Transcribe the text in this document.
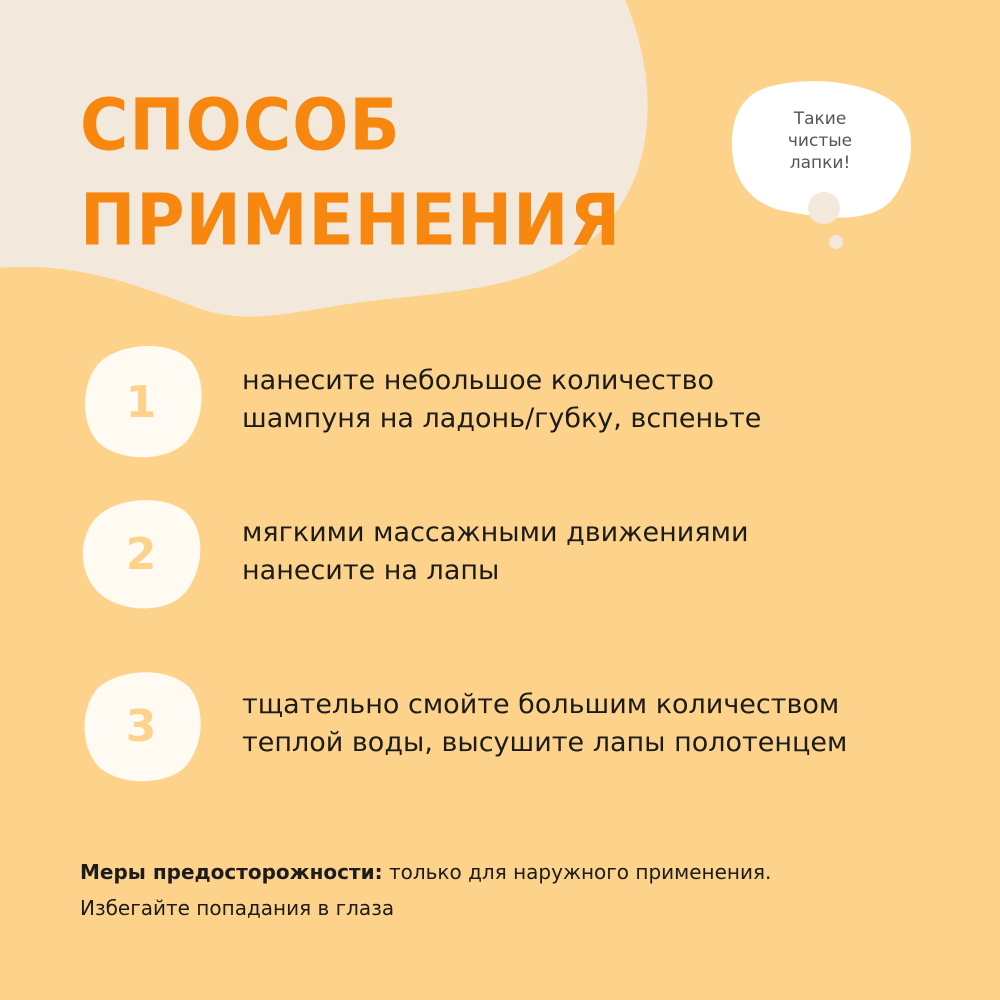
СПОСОБ
ПРИМЕНЕНИЯ
Такие
чистые
лапки!
1	нанесите небольшое количество
шампуня на ладонь/губку, вспеньте
2	мягкими массажными движениями
нанесите на лапы
3	тщательно смойте большим количеством
теплой воды, высушите лапы полотенцем
Меры предосторожности: только для наружного применения.
Избегайте попадания в глаза
